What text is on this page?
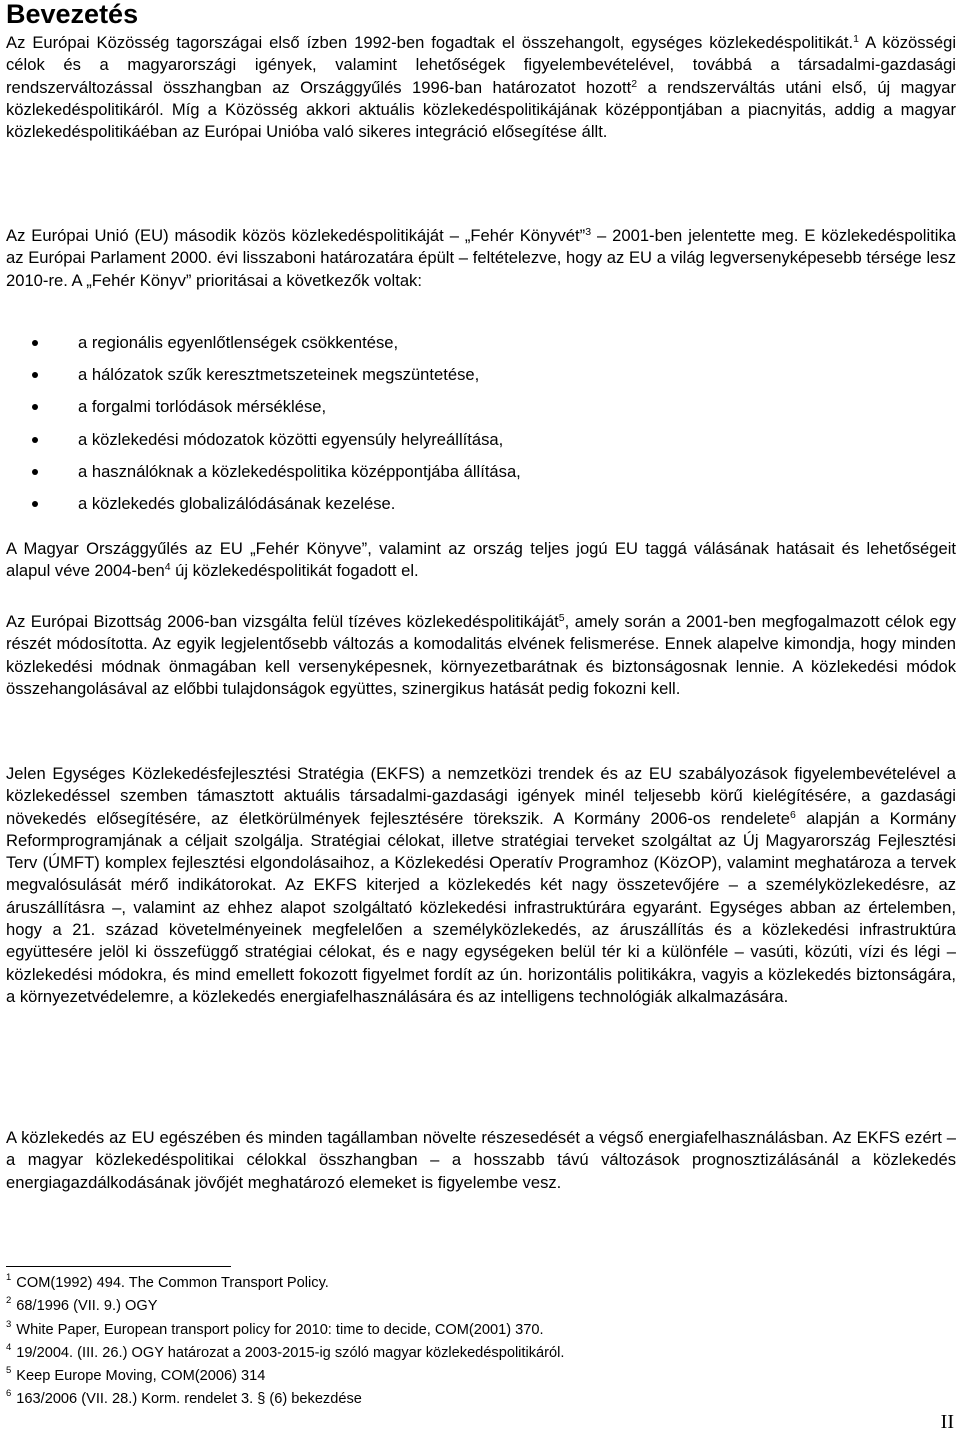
Bevezetés
Az Európai Közösség tagországai első ízben 1992-ben fogadtak el összehangolt, egységes közlekedéspolitikát.$^1$ A közösségi célok és a magyarországi igények, valamint lehetőségek figyelembevételével, továbbá a társadalmi-gazdasági rendszerváltozással összhangban az Országgyűlés 1996-ban határozatot hozott$^2$ a rendszerváltás utáni első, új magyar közlekedéspolitikáról. Míg a Közösség akkori aktuális közlekedéspolitikájának középpontjában a piacnyitás, addig a magyar közlekedéspolitikáéban az Európai Unióba való sikeres integráció elősegítése állt.
Az Európai Unió (EU) második közös közlekedéspolitikáját – „Fehér Könyvét”$^3$ – 2001-ben jelentette meg. E közlekedéspolitika az Európai Parlament 2000. évi lisszaboni határozatára épült – feltételezve, hogy az EU a világ legversenyképesebb térsége lesz 2010-re. A „Fehér Könyv” prioritásai a következők voltak:
a regionális egyenlőtlenségek csökkentése,
a hálózatok szűk keresztmetszeteinek megszüntetése,
a forgalmi torlódások mérséklése,
a közlekedési módozatok közötti egyensúly helyreállítása,
a használóknak a közlekedéspolitika középpontjába állítása,
a közlekedés globalizálódásának kezelése.
A Magyar Országgyűlés az EU „Fehér Könyve”, valamint az ország teljes jogú EU taggá válásának hatásait és lehetőségeit alapul véve 2004-ben$^4$ új közlekedéspolitikát fogadott el.
Az Európai Bizottság 2006-ban vizsgálta felül tízéves közlekedéspolitikáját$^5$, amely során a 2001-ben megfogalmazott célok egy részét módosította. Az egyik legjelentősebb változás a komodalitás elvének felismerése. Ennek alapelve kimondja, hogy minden közlekedési módnak önmagában kell versenyképesnek, környezetbarátnak és biztonságosnak lennie. A közlekedési módok összehangolásával az előbbi tulajdonságok együttes, szinergikus hatását pedig fokozni kell.
Jelen Egységes Közlekedésfejlesztési Stratégia (EKFS) a nemzetközi trendek és az EU szabályozások figyelembevételével a közlekedéssel szemben támasztott aktuális társadalmi-gazdasági igények minél teljesebb körű kielégítésére, a gazdasági növekedés elősegítésére, az életkörülmények fejlesztésére törekszik. A Kormány 2006-os rendelete$^6$ alapján a Kormány Reformprogramjának a céljait szolgálja. Stratégiai célokat, illetve stratégiai terveket szolgáltat az Új Magyarország Fejlesztési Terv (ÚMFT) komplex fejlesztési elgondolásaihoz, a Közlekedési Operatív Programhoz (KözOP), valamint meghatároza a tervek megvalósulását mérő indikátorokat. Az EKFS kiterjed a közlekedés két nagy összetevőjére – a személyközlekedésre, az áruszállításra –, valamint az ehhez alapot szolgáltató közlekedési infrastruktúrára egyaránt. Egységes abban az értelemben, hogy a 21. század követelményeinek megfelelően a személyközlekedés, az áruszállítás és a közlekedési infrastruktúra együttesére jelöl ki összefüggő stratégiai célokat, és e nagy egységeken belül tér ki a különféle – vasúti, közúti, vízi és légi – közlekedési módokra, és mind emellett fokozott figyelmet fordít az ún. horizontális politikákra, vagyis a közlekedés biztonságára, a környezetvédelemre, a közlekedés energiafelhasználására és az intelligens technológiák alkalmazására.
A közlekedés az EU egészében és minden tagállamban növelte részesedését a végső energiafelhasználásban. Az EKFS ezért – a magyar közlekedéspolitikai célokkal összhangban – a hosszabb távú változások prognosztizálásánál a közlekedés energiagazdálkodásának jövőjét meghatározó elemeket is figyelembe vesz.
$^1$ COM(1992) 494. The Common Transport Policy.
$^2$ 68/1996 (VII. 9.) OGY
$^3$ White Paper, European transport policy for 2010: time to decide, COM(2001) 370.
$^4$ 19/2004. (III. 26.) OGY határozat a 2003-2015-ig szóló magyar közlekedéspolitikáról.
$^5$ Keep Europe Moving, COM(2006) 314
$^6$ 163/2006 (VII. 28.) Korm. rendelet 3. § (6) bekezdése
II
